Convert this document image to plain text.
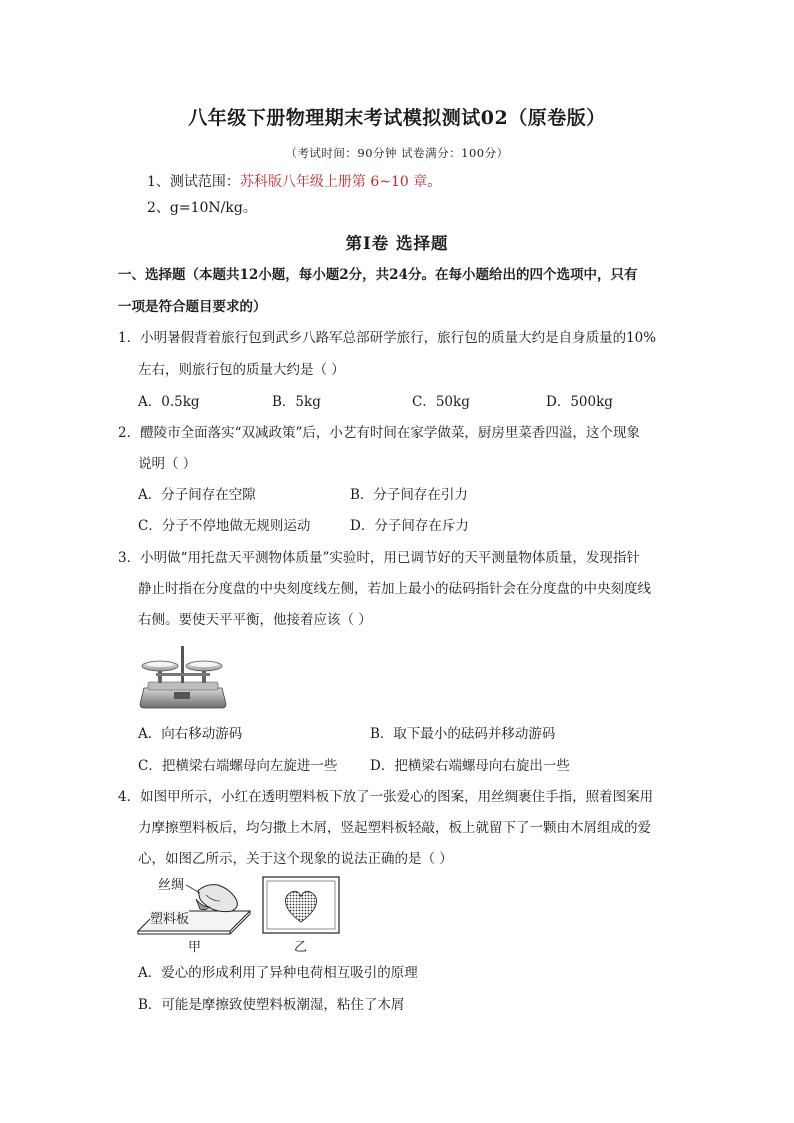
八年级下册物理期末考试模拟测试02（原卷版）
（考试时间：90分钟 试卷满分：100分）
1、测试范围：苏科版八年级上册第 6~10 章。
2、g=10N/kg。
第Ⅰ卷 选择题
一、选择题（本题共12小题，每小题2分，共24分。在每小题给出的四个选项中，只有
一项是符合题目要求的）
1．小明暑假背着旅行包到武乡八路军总部研学旅行，旅行包的质量大约是自身质量的10%
左右，则旅行包的质量大约是（ ）
A．0.5kg	B．5kg	C．50kg	D．500kg
2．醴陵市全面落实“双减政策”后，小艺有时间在家学做菜，厨房里菜香四溢，这个现象
说明（ ）
A．分子间存在空隙	B．分子间存在引力
C．分子不停地做无规则运动	D．分子间存在斥力
3．小明做“用托盘天平测物体质量”实验时，用已调节好的天平测量物体质量，发现指针
静止时指在分度盘的中央刻度线左侧，若加上最小的砝码指针会在分度盘的中央刻度线
右侧。要使天平平衡，他接着应该（ ）
A．向右移动游码	B．取下最小的砝码并移动游码
C．把横梁右端螺母向左旋进一些 D．把横梁右端螺母向右旋出一些
4．如图甲所示，小红在透明塑料板下放了一张爱心的图案，用丝绸裹住手指，照着图案用
力摩擦塑料板后，均匀撒上木屑，竖起塑料板轻敲，板上就留下了一颗由木屑组成的爱
心，如图乙所示，关于这个现象的说法正确的是（ ）
丝绸
塑料板
甲	乙
A．爱心的形成利用了异种电荷相互吸引的原理
B．可能是摩擦致使塑料板潮湿，粘住了木屑
